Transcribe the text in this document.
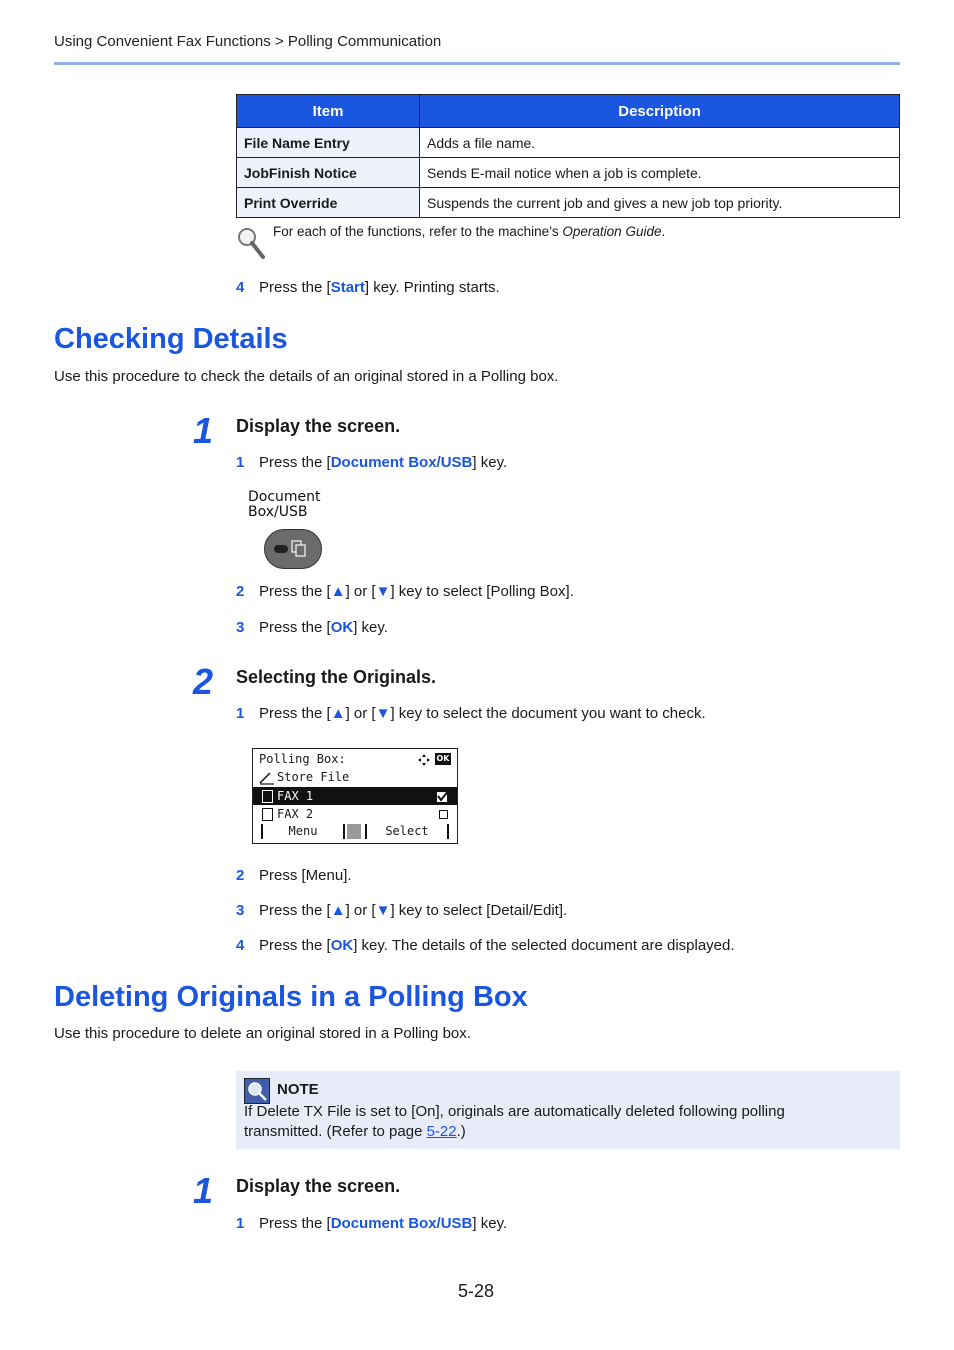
Using Convenient Fax Functions > Polling Communication
Item	Description
File Name Entry	Adds a file name.
JobFinish Notice	Sends E-mail notice when a job is complete.
Print Override	Suspends the current job and gives a new job top priority.
For each of the functions, refer to the machine’s Operation Guide.
4 Press the [Start] key. Printing starts.
Checking Details
Use this procedure to check the details of an original stored in a Polling box.
1 Display the screen.
1 Press the [Document Box/USB] key.
Document
Box/USB
2 Press the [▲] or [▼] key to select [Polling Box].
3 Press the [OK] key.
2 Selecting the Originals.
1 Press the [▲] or [▼] key to select the document you want to check.
Polling Box:	OK
Store File
FAX 1
FAX 2
Menu	Select
2 Press [Menu].
3 Press the [▲] or [▼] key to select [Detail/Edit].
4 Press the [OK] key. The details of the selected document are displayed.
Deleting Originals in a Polling Box
Use this procedure to delete an original stored in a Polling box.
NOTE
If Delete TX File is set to [On], originals are automatically deleted following polling
transmitted. (Refer to page 5-22.)
1 Display the screen.
1 Press the [Document Box/USB] key.
5-28
